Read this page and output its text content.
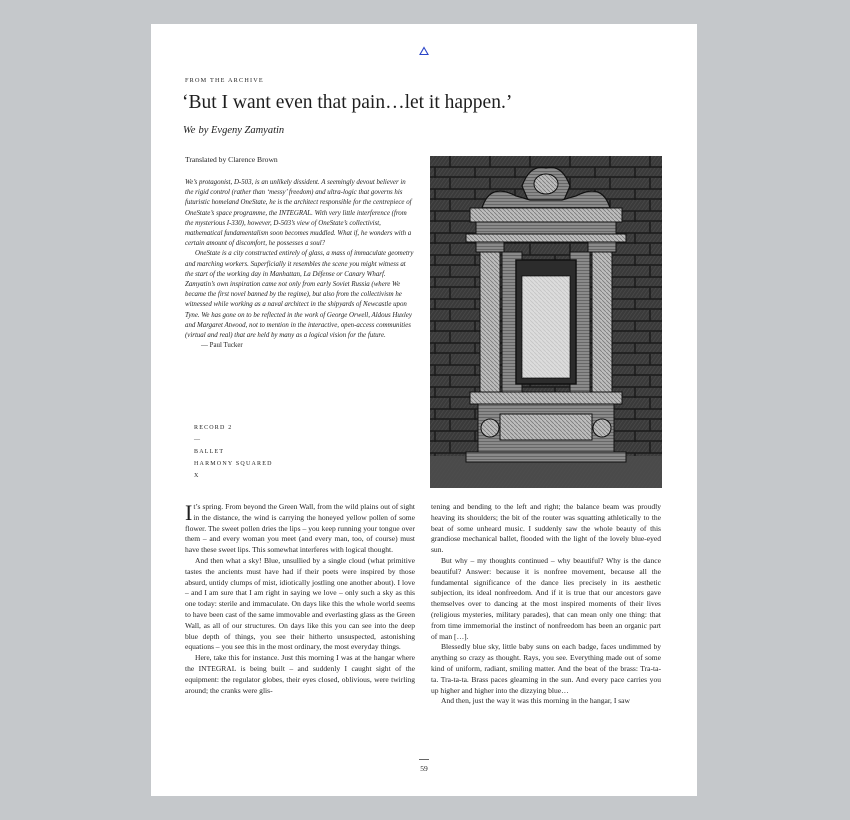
FROM THE ARCHIVE
‘But I want even that pain…let it happen.’
We by Evgeny Zamyatin
Translated by Clarence Brown

We’s protagonist, D-503, is an unlikely dissident. A seemingly devout believer in the rigid control (rather than ‘messy’ freedom) and ultra-logic that governs his futuristic homeland OneState, he is the architect responsible for the centrepiece of OneState’s space programme, the INTEGRAL. With very little interference (from the mysterious I-330), however, D-503’s view of OneState’s collectivist, mathematical fundamentalism soon becomes muddled. What if, he wonders with a certain amount of discomfort, he possesses a soul?

OneState is a city constructed entirely of glass, a mass of immaculate geometry and marching workers. Superficially it resembles the scene you might witness at the start of the working day in Manhattan, La Défense or Canary Wharf. Zamyatin’s own inspiration came not only from early Soviet Russia (where We became the first novel banned by the regime), but also from the collectivism he witnessed while working as a naval architect in the shipyards of Newcastle upon Tyne. We has gone on to be reflected in the work of George Orwell, Aldous Huxley and Margaret Atwood, not to mention in the interactive, open-access communities (virtual and real) that are held by many as a logical vision for the future.

— Paul Tucker

RECORD 2
—
BALLET
HARMONY SQUARED
X

It’s spring. From beyond the Green Wall, from the wild plains out of sight in the distance, the wind is carrying the honeyed yellow pollen of some flower. The sweet pollen dries the lips – you keep running your tongue over them – and every woman you meet (and every man, too, of course) must have these sweet lips. This somewhat interferes with logical thought.

And then what a sky! Blue, unsullied by a single cloud (what primitive tastes the ancients must have had if their poets were inspired by those absurd, untidy clumps of mist, idiotically jostling one another about). I love – and I am sure that I am right in saying we love – only such a sky as this one today: sterile and immaculate. On days like this the whole world seems to have been cast of the same immovable and everlasting glass as the Green Wall, as all of our structures. On days like this you can see into the deep blue depth of things, you see their hitherto unsuspected, astonishing equations – you see this in the most ordinary, the most everyday things.

Here, take this for instance. Just this morning I was at the hangar where the INTEGRAL is being built – and suddenly I caught sight of the equipment: the regulator globes, their eyes closed, oblivious, were twirling around; the cranks were glis-

tening and bending to the left and right; the balance beam was proudly heaving its shoulders; the bit of the router was squatting athletically to the beat of some unheard music. I suddenly saw the whole beauty of this grandiose mechanical ballet, flooded with the light of the lovely blue-eyed sun.

But why – my thoughts continued – why beautiful? Why is the dance beautiful? Answer: because it is nonfree movement, because all the fundamental significance of the dance lies precisely in its aesthetic subjection, its ideal nonfreedom. And if it is true that our ancestors gave themselves over to dancing at the most inspired moments of their lives (religious mysteries, military parades), that can mean only one thing: that from time immemorial the instinct of nonfreedom has been an organic part of man […].

Blessedly blue sky, little baby suns on each badge, faces undimmed by anything so crazy as thought. Rays, you see. Everything made out of some kind of uniform, radiant, smiling matter. And the beat of the brass: Tra-ta-ta. Tra-ta-ta. Brass paces gleaming in the sun. And every pace carries you up higher and higher into the dizzying blue…

And then, just the way it was this morning in the hangar, I saw

59
